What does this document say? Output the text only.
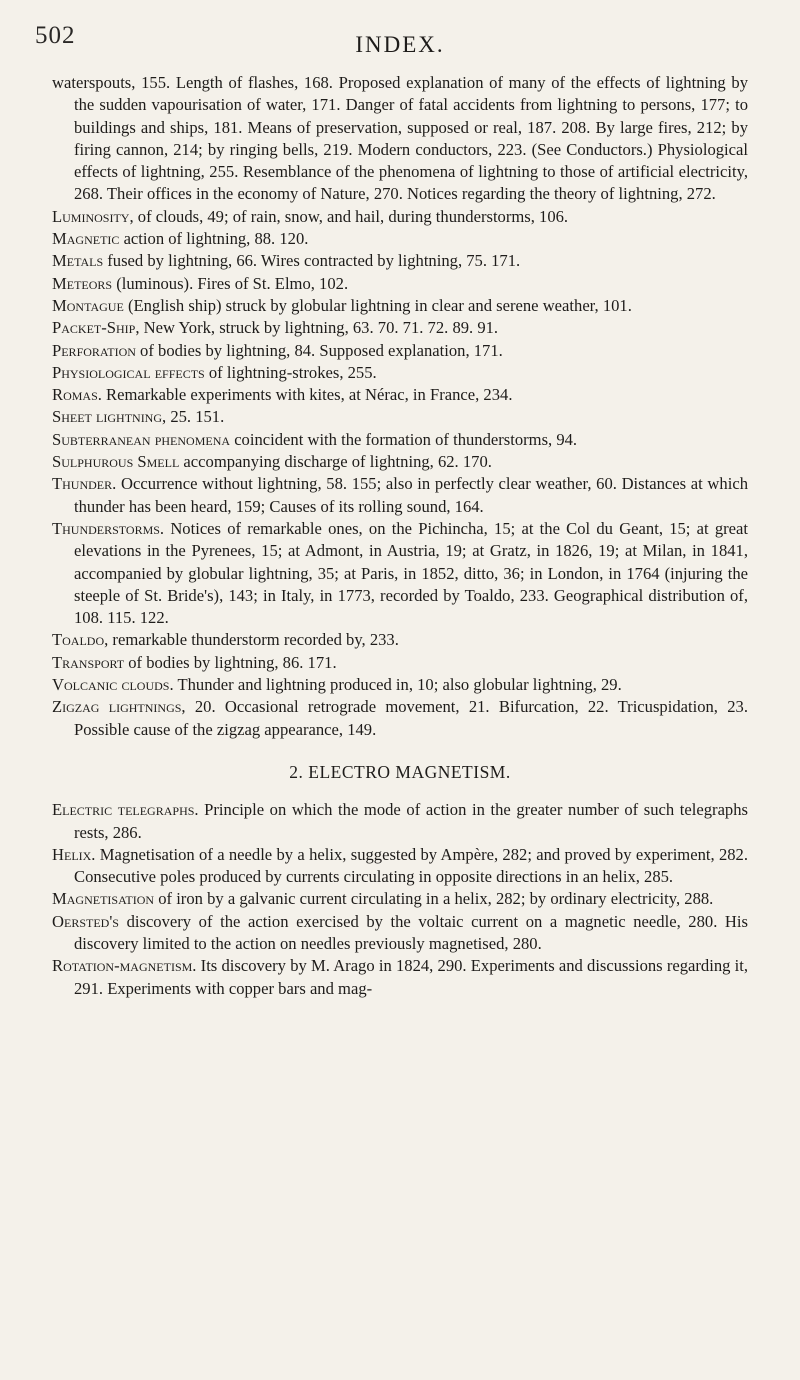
502	INDEX.

waterspouts, 155. Length of flashes, 168. Proposed explanation of many of the effects of lightning by the sudden vapourisation of water, 171. Danger of fatal accidents from lightning to persons, 177; to buildings and ships, 181. Means of preservation, supposed or real, 187. 208. By large fires, 212; by firing cannon, 214; by ringing bells, 219. Modern conductors, 223. (See Conductors.) Physiological effects of lightning, 255. Resemblance of the phenomena of lightning to those of artificial electricity, 268. Their offices in the economy of Nature, 270. Notices regarding the theory of lightning, 272.

Luminosity, of clouds, 49; of rain, snow, and hail, during thunderstorms, 106.

Magnetic action of lightning, 88. 120.

Metals fused by lightning, 66. Wires contracted by lightning, 75. 171.

Meteors (luminous). Fires of St. Elmo, 102.

Montague (English ship) struck by globular lightning in clear and serene weather, 101.

Packet-Ship, New York, struck by lightning, 63. 70. 71. 72. 89. 91.

Perforation of bodies by lightning, 84. Supposed explanation, 171.

Physiological effects of lightning-strokes, 255.

Romas. Remarkable experiments with kites, at Nérac, in France, 234.

Sheet lightning, 25. 151.

Subterranean phenomena coincident with the formation of thunderstorms, 94.

Sulphurous Smell accompanying discharge of lightning, 62. 170.

Thunder. Occurrence without lightning, 58. 155; also in perfectly clear weather, 60. Distances at which thunder has been heard, 159; Causes of its rolling sound, 164.

Thunderstorms. Notices of remarkable ones, on the Pichincha, 15; at the Col du Geant, 15; at great elevations in the Pyrenees, 15; at Admont, in Austria, 19; at Gratz, in 1826, 19; at Milan, in 1841, accompanied by globular lightning, 35; at Paris, in 1852, ditto, 36; in London, in 1764 (injuring the steeple of St. Bride's), 143; in Italy, in 1773, recorded by Toaldo, 233. Geographical distribution of, 108. 115. 122.

Toaldo, remarkable thunderstorm recorded by, 233.

Transport of bodies by lightning, 86. 171.

Volcanic clouds. Thunder and lightning produced in, 10; also globular lightning, 29.

Zigzag lightnings, 20. Occasional retrograde movement, 21. Bifurcation, 22. Tricuspidation, 23. Possible cause of the zigzag appearance, 149.

2. ELECTRO MAGNETISM.

Electric telegraphs. Principle on which the mode of action in the greater number of such telegraphs rests, 286.

Helix. Magnetisation of a needle by a helix, suggested by Ampère, 282; and proved by experiment, 282. Consecutive poles produced by currents circulating in opposite directions in an helix, 285.

Magnetisation of iron by a galvanic current circulating in a helix, 282; by ordinary electricity, 288.

Oersted's discovery of the action exercised by the voltaic current on a magnetic needle, 280. His discovery limited to the action on needles previously magnetised, 280.

Rotation-magnetism. Its discovery by M. Arago in 1824, 290. Experiments and discussions regarding it, 291. Experiments with copper bars and mag-
